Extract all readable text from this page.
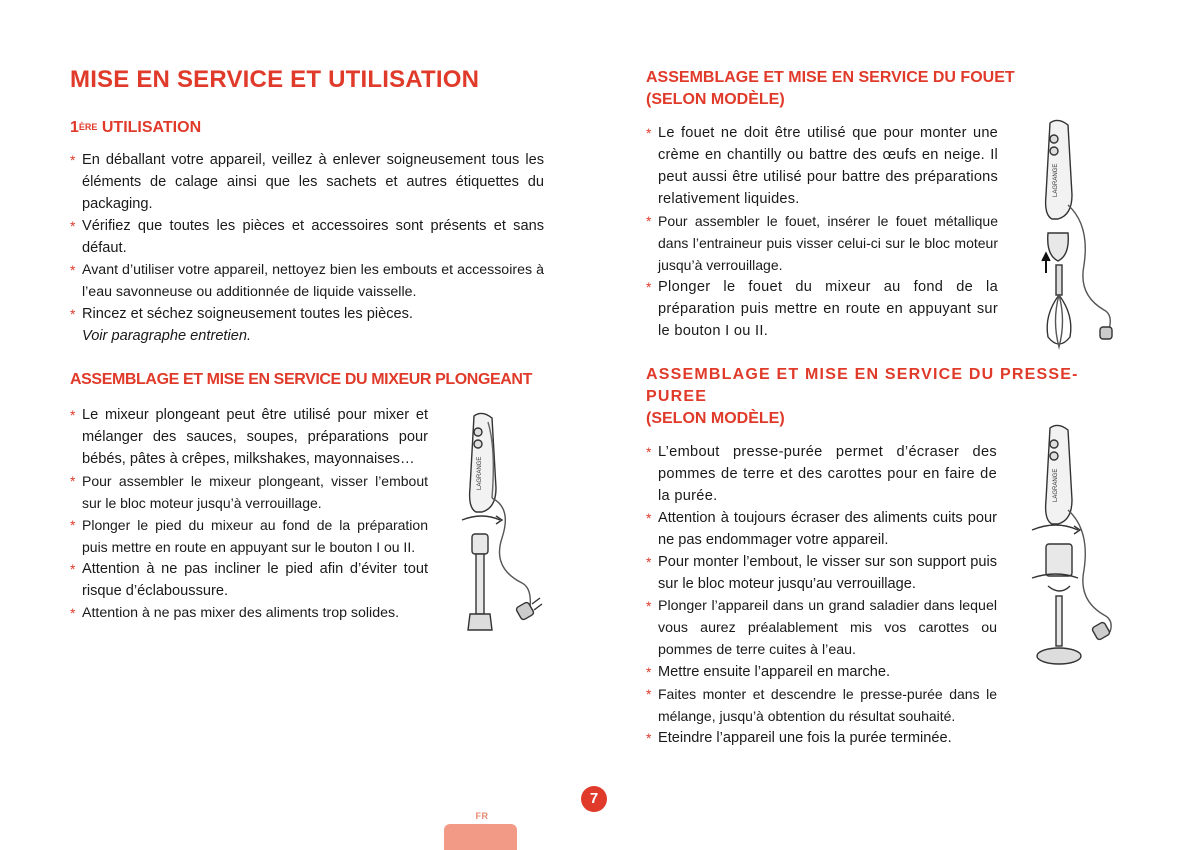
MISE EN SERVICE ET UTILISATION
1ÈRE UTILISATION
* En déballant votre appareil, veillez à enlever soigneusement tous les éléments de calage ainsi que les sachets et autres étiquettes du packaging.
* Vérifiez que toutes les pièces et accessoires sont présents et sans défaut.
* Avant d’utiliser votre appareil, nettoyez bien les embouts et accessoires à l’eau savonneuse ou additionnée de liquide vaisselle.
* Rincez et séchez soigneusement toutes les pièces.
Voir paragraphe entretien.
ASSEMBLAGE ET MISE EN SERVICE DU MIXEUR PLONGEANT
* Le mixeur plongeant peut être utilisé pour mixer et mélanger des sauces, soupes, préparations pour bébés, pâtes à crêpes, milkshakes, mayonnaises…
* Pour assembler le mixeur plongeant, visser l’embout sur le bloc moteur jusqu’à verrouillage.
* Plonger le pied du mixeur au fond de la préparation puis mettre en route en appuyant sur le bouton I ou II.
* Attention à ne pas incliner le pied afin d’éviter tout risque d’éclaboussure.
* Attention à ne pas mixer des aliments trop solides.
LAGRANGE
ASSEMBLAGE ET MISE EN SERVICE DU FOUET
(SELON MODÈLE)
* Le fouet ne doit être utilisé que pour monter une crème en chantilly ou battre des œufs en neige. Il peut aussi être utilisé pour battre des préparations relativement liquides.
* Pour assembler le fouet, insérer le fouet métallique dans l’entraineur puis visser celui-ci sur le bloc moteur jusqu’à verrouillage.
* Plonger le fouet du mixeur au fond de la préparation puis mettre en route en appuyant sur le bouton I ou II.
LAGRANGE
ASSEMBLAGE ET MISE EN SERVICE DU PRESSE-PUREE
(SELON MODÈLE)
* L’embout presse-purée permet d’écraser des pommes de terre et des carottes pour en faire de la purée.
* Attention à toujours écraser des aliments cuits pour ne pas endommager votre appareil.
* Pour monter l’embout, le visser sur son support puis sur le bloc moteur jusqu’au verrouillage.
* Plonger l’appareil dans un grand saladier dans lequel vous aurez préalablement mis vos carottes ou pommes de terre cuites à l’eau.
* Mettre ensuite l’appareil en marche.
* Faites monter et descendre le presse-purée dans le mélange, jusqu’à obtention du résultat souhaité.
* Eteindre l’appareil une fois la purée terminée.
LAGRANGE
7
FR
